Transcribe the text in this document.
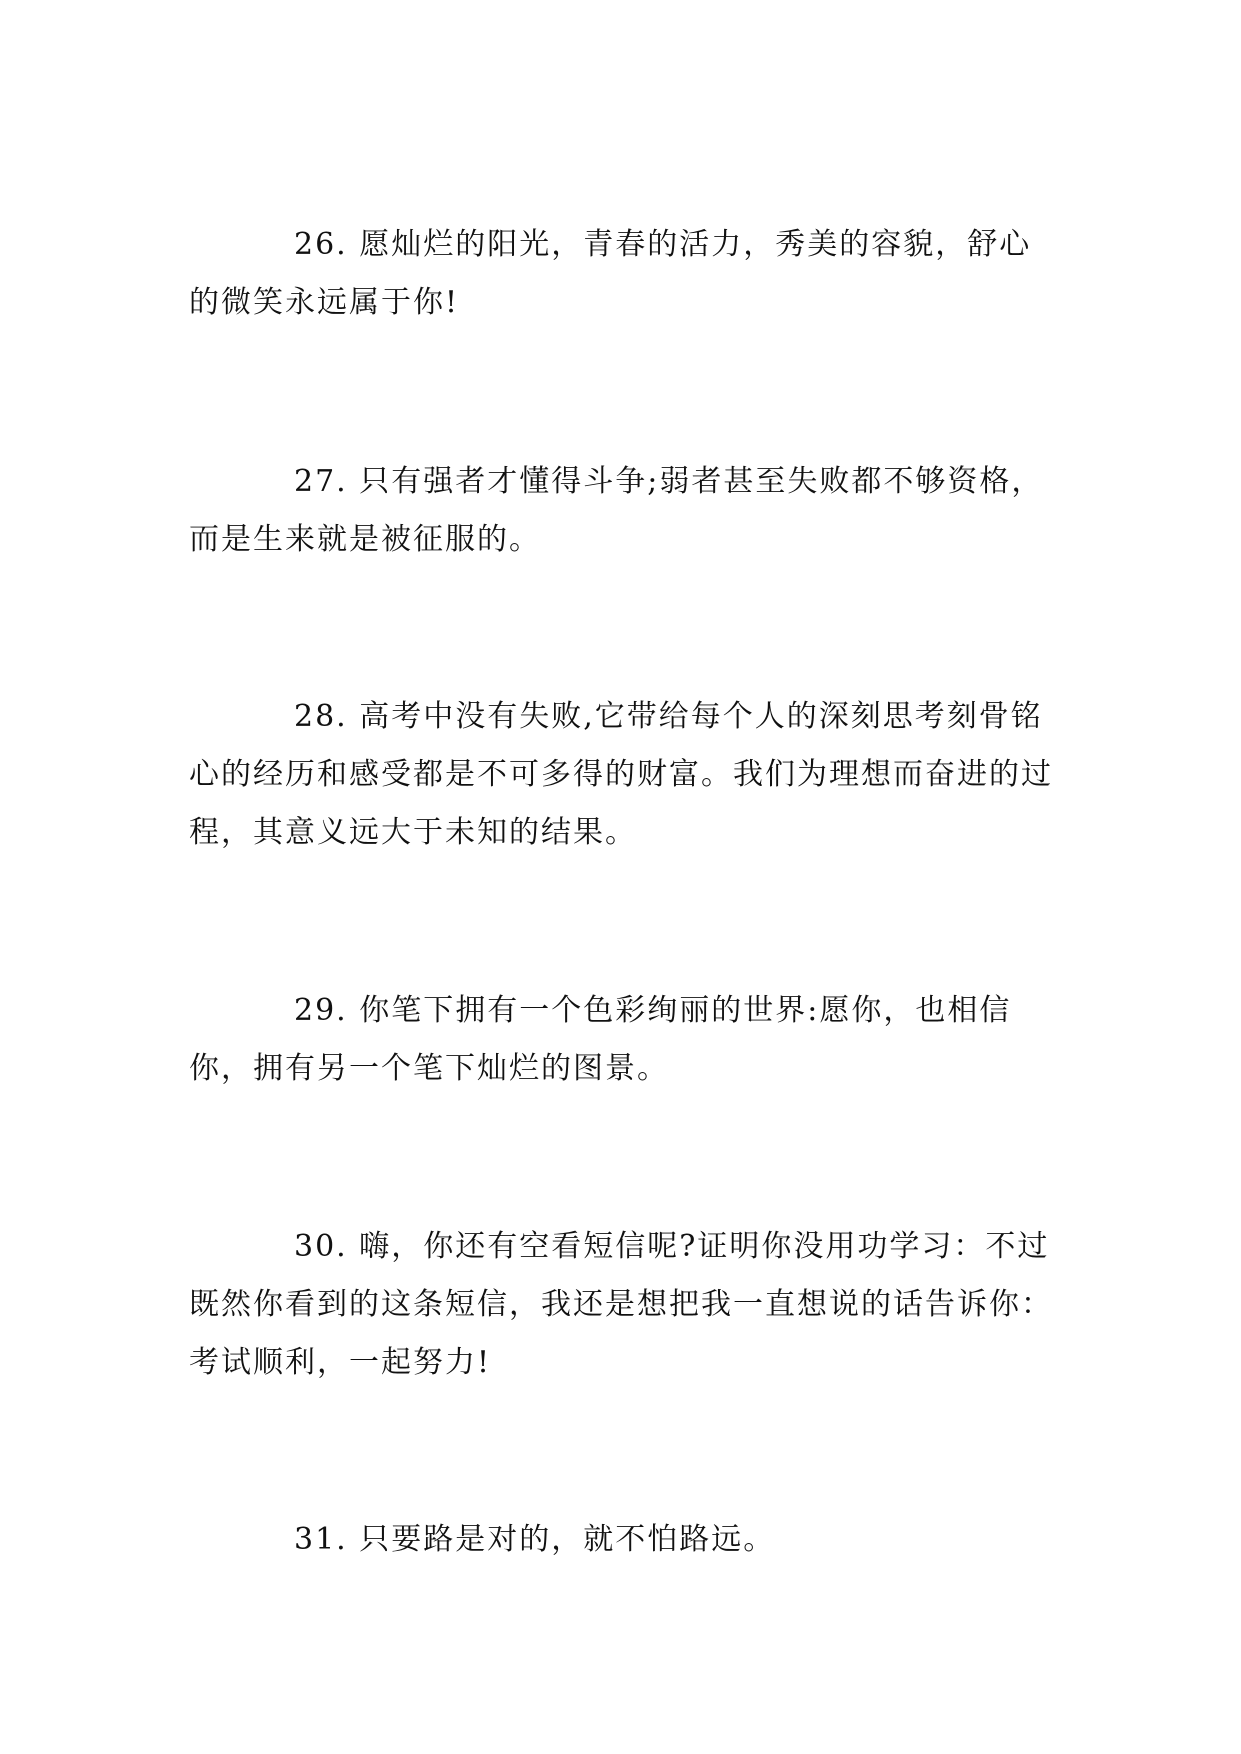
26. 愿灿烂的阳光，青春的活力，秀美的容貌，舒心的微笑永远属于你!

27. 只有强者才懂得斗争;弱者甚至失败都不够资格，而是生来就是被征服的。

28. 高考中没有失败,它带给每个人的深刻思考刻骨铭心的经历和感受都是不可多得的财富。我们为理想而奋进的过程，其意义远大于未知的结果。

29. 你笔下拥有一个色彩绚丽的世界:愿你，也相信你，拥有另一个笔下灿烂的图景。

30. 嗨，你还有空看短信呢?证明你没用功学习：不过既然你看到的这条短信，我还是想把我一直想说的话告诉你：考试顺利，一起努力!

31. 只要路是对的，就不怕路远。
